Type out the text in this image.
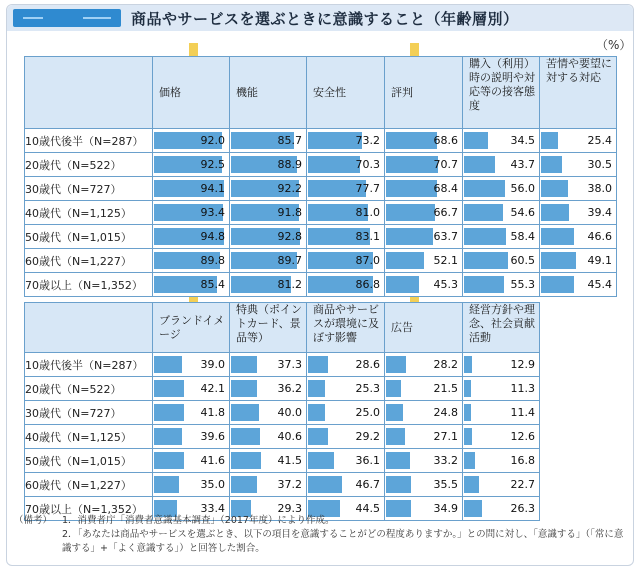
商品やサービスを選ぶときに意識すること（年齢層別）
（%）
	価格	機能	安全性	評判	購入（利用）時の説明や対応等の接客態度	苦情や要望に対する対応
10歳代後半（N=287）	92.0	85.7	73.2	68.6	34.5	25.4

20歳代（N=522）	92.5	88.9	70.3	70.7	43.7	30.5

30歳代（N=727）	94.1	92.2	77.7	68.4	56.0	38.0

40歳代（N=1,125）	93.4	91.8	81.0	66.7	54.6	39.4

50歳代（N=1,015）	94.8	92.8	83.1	63.7	58.4	46.6

60歳代（N=1,227）	89.8	89.7	87.0	52.1	60.5	49.1

70歳以上（N=1,352）	85.4	81.2	86.8	45.3	55.3	45.4
	ブランドイメージ	特典（ポイントカード、景品等）	商品やサービスが環境に及ぼす影響	広告	経営方針や理念、社会貢献活動
10歳代後半（N=287）	39.0	37.3	28.6	28.2	12.9

20歳代（N=522）	42.1	36.2	25.3	21.5	11.3

30歳代（N=727）	41.8	40.0	25.0	24.8	11.4

40歳代（N=1,125）	39.6	40.6	29.2	27.1	12.6

50歳代（N=1,015）	41.6	41.5	36.1	33.2	16.8

60歳代（N=1,227）	35.0	37.2	46.7	35.5	22.7

70歳以上（N=1,352）	33.4	29.3	44.5	34.9	26.3
（備考） 1．消費者庁「消費者意識基本調査」（2017年度）により作成。
2．「あなたは商品やサービスを選ぶとき、以下の項目を意識することがどの程度ありますか。」との問に対し、「意識する」（「常に意
識する」+「よく意識する」）と回答した割合。
